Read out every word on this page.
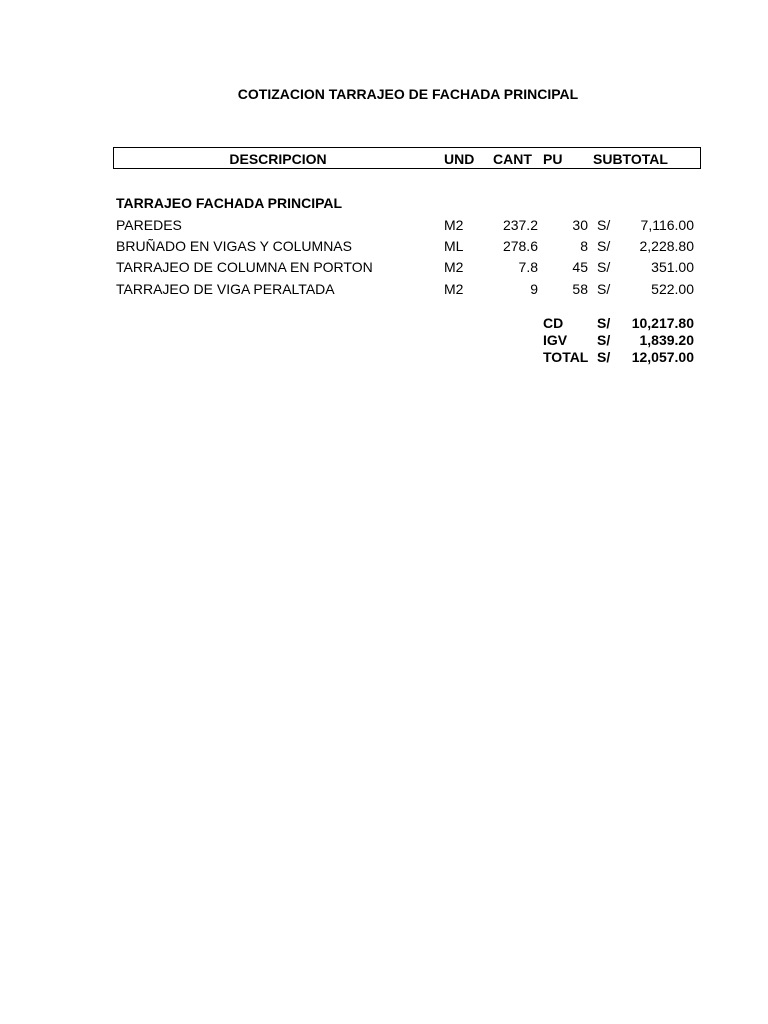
COTIZACION TARRAJEO DE FACHADA PRINCIPAL
DESCRIPCION	UND CANT PU SUBTOTAL
TARRAJEO FACHADA PRINCIPAL
PAREDES	M2	237.2	30 S/	7,116.00
BRUÑADO EN VIGAS Y COLUMNAS	ML	278.6	8 S/	2,228.80
TARRAJEO DE COLUMNA EN PORTON	M2	7.8	45 S/	351.00
TARRAJEO DE VIGA PERALTADA	M2	9	58 S/	522.00
CD S/	10,217.80
IGV S/	1,839.20
TOTAL S/	12,057.00
